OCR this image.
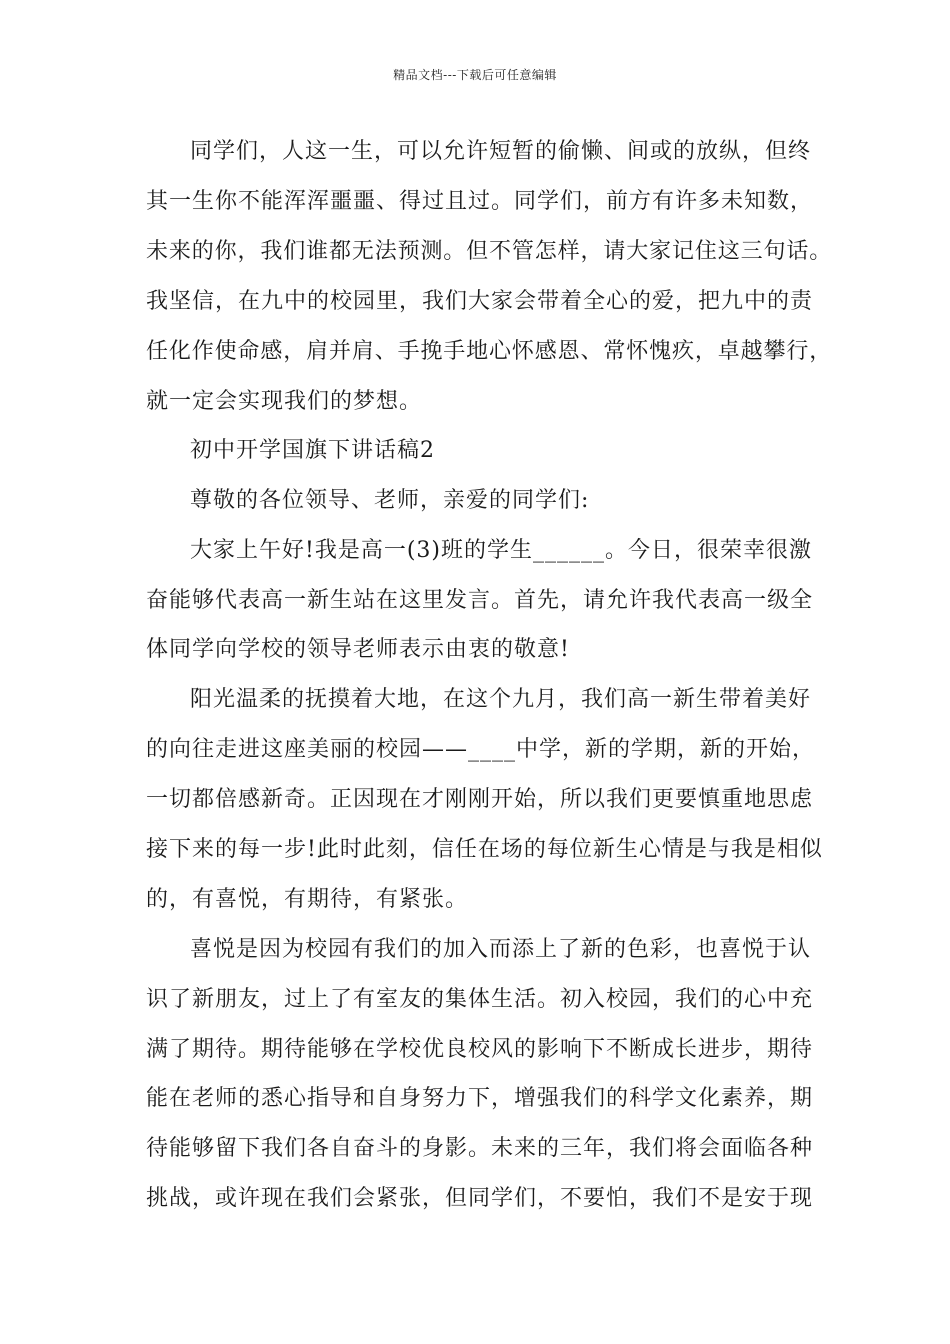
精品文档---下载后可任意编辑
同学们，人这一生，可以允许短暂的偷懒、间或的放纵，但终
其一生你不能浑浑噩噩、得过且过。同学们，前方有许多未知数，
未来的你，我们谁都无法预测。但不管怎样，请大家记住这三句话。
我坚信，在九中的校园里，我们大家会带着全心的爱，把九中的责
任化作使命感，肩并肩、手挽手地心怀感恩、常怀愧疚，卓越攀行，
就一定会实现我们的梦想。
初中开学国旗下讲话稿2
尊敬的各位领导、老师，亲爱的同学们:
大家上午好!我是高一(3)班的学生______。今日，很荣幸很激
奋能够代表高一新生站在这里发言。首先，请允许我代表高一级全
体同学向学校的领导老师表示由衷的敬意!
阳光温柔的抚摸着大地，在这个九月，我们高一新生带着美好
的向往走进这座美丽的校园——____中学，新的学期，新的开始，
一切都倍感新奇。正因现在才刚刚开始，所以我们更要慎重地思虑
接下来的每一步!此时此刻，信任在场的每位新生心情是与我是相似
的，有喜悦，有期待，有紧张。
喜悦是因为校园有我们的加入而添上了新的色彩，也喜悦于认
识了新朋友，过上了有室友的集体生活。初入校园，我们的心中充
满了期待。期待能够在学校优良校风的影响下不断成长进步，期待
能在老师的悉心指导和自身努力下，增强我们的科学文化素养，期
待能够留下我们各自奋斗的身影。未来的三年，我们将会面临各种
挑战，或许现在我们会紧张，但同学们，不要怕，我们不是安于现
